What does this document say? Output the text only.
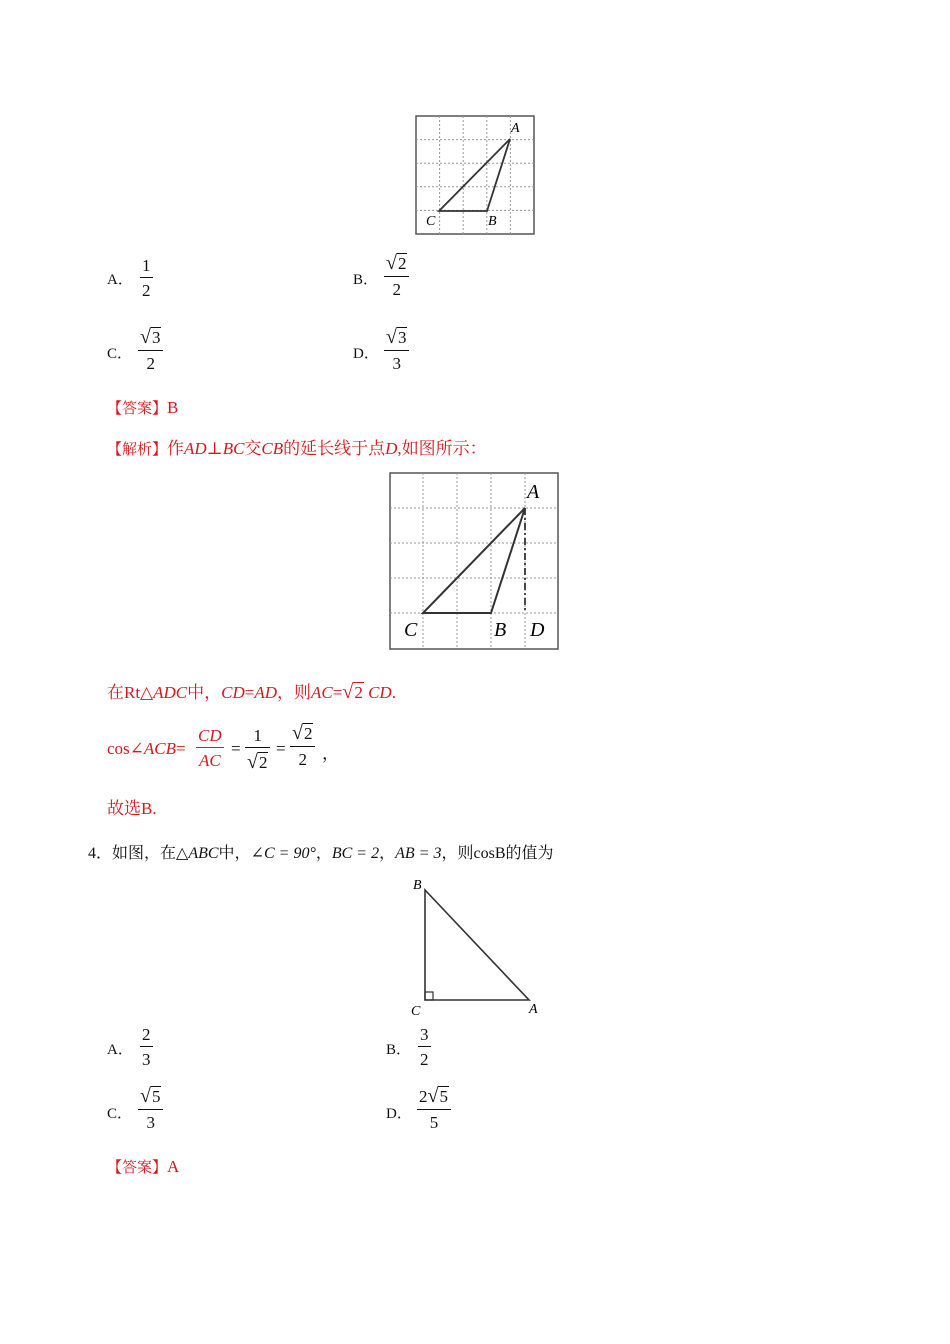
A
C	B
A．
1
2
B．
√2
2
C．
√3
2	D．
√3
3
【答案】B
【解析】作AD⊥BC交CB的延长线于点D,如图所示：
A
C	B D
在Rt△ADC中，CD=AD，则AC=√2 CD.
cos∠ACB=
CD
AC
=
1
√2
=
√2
2 ，
故选B.
4．如图，在△ABC中，∠C = 90°，BC = 2，AB = 3，则cosB的值为
B
C	A
A．
2
3	B．
3
2
C．
√5
3	D．
2√5
5
【答案】A
